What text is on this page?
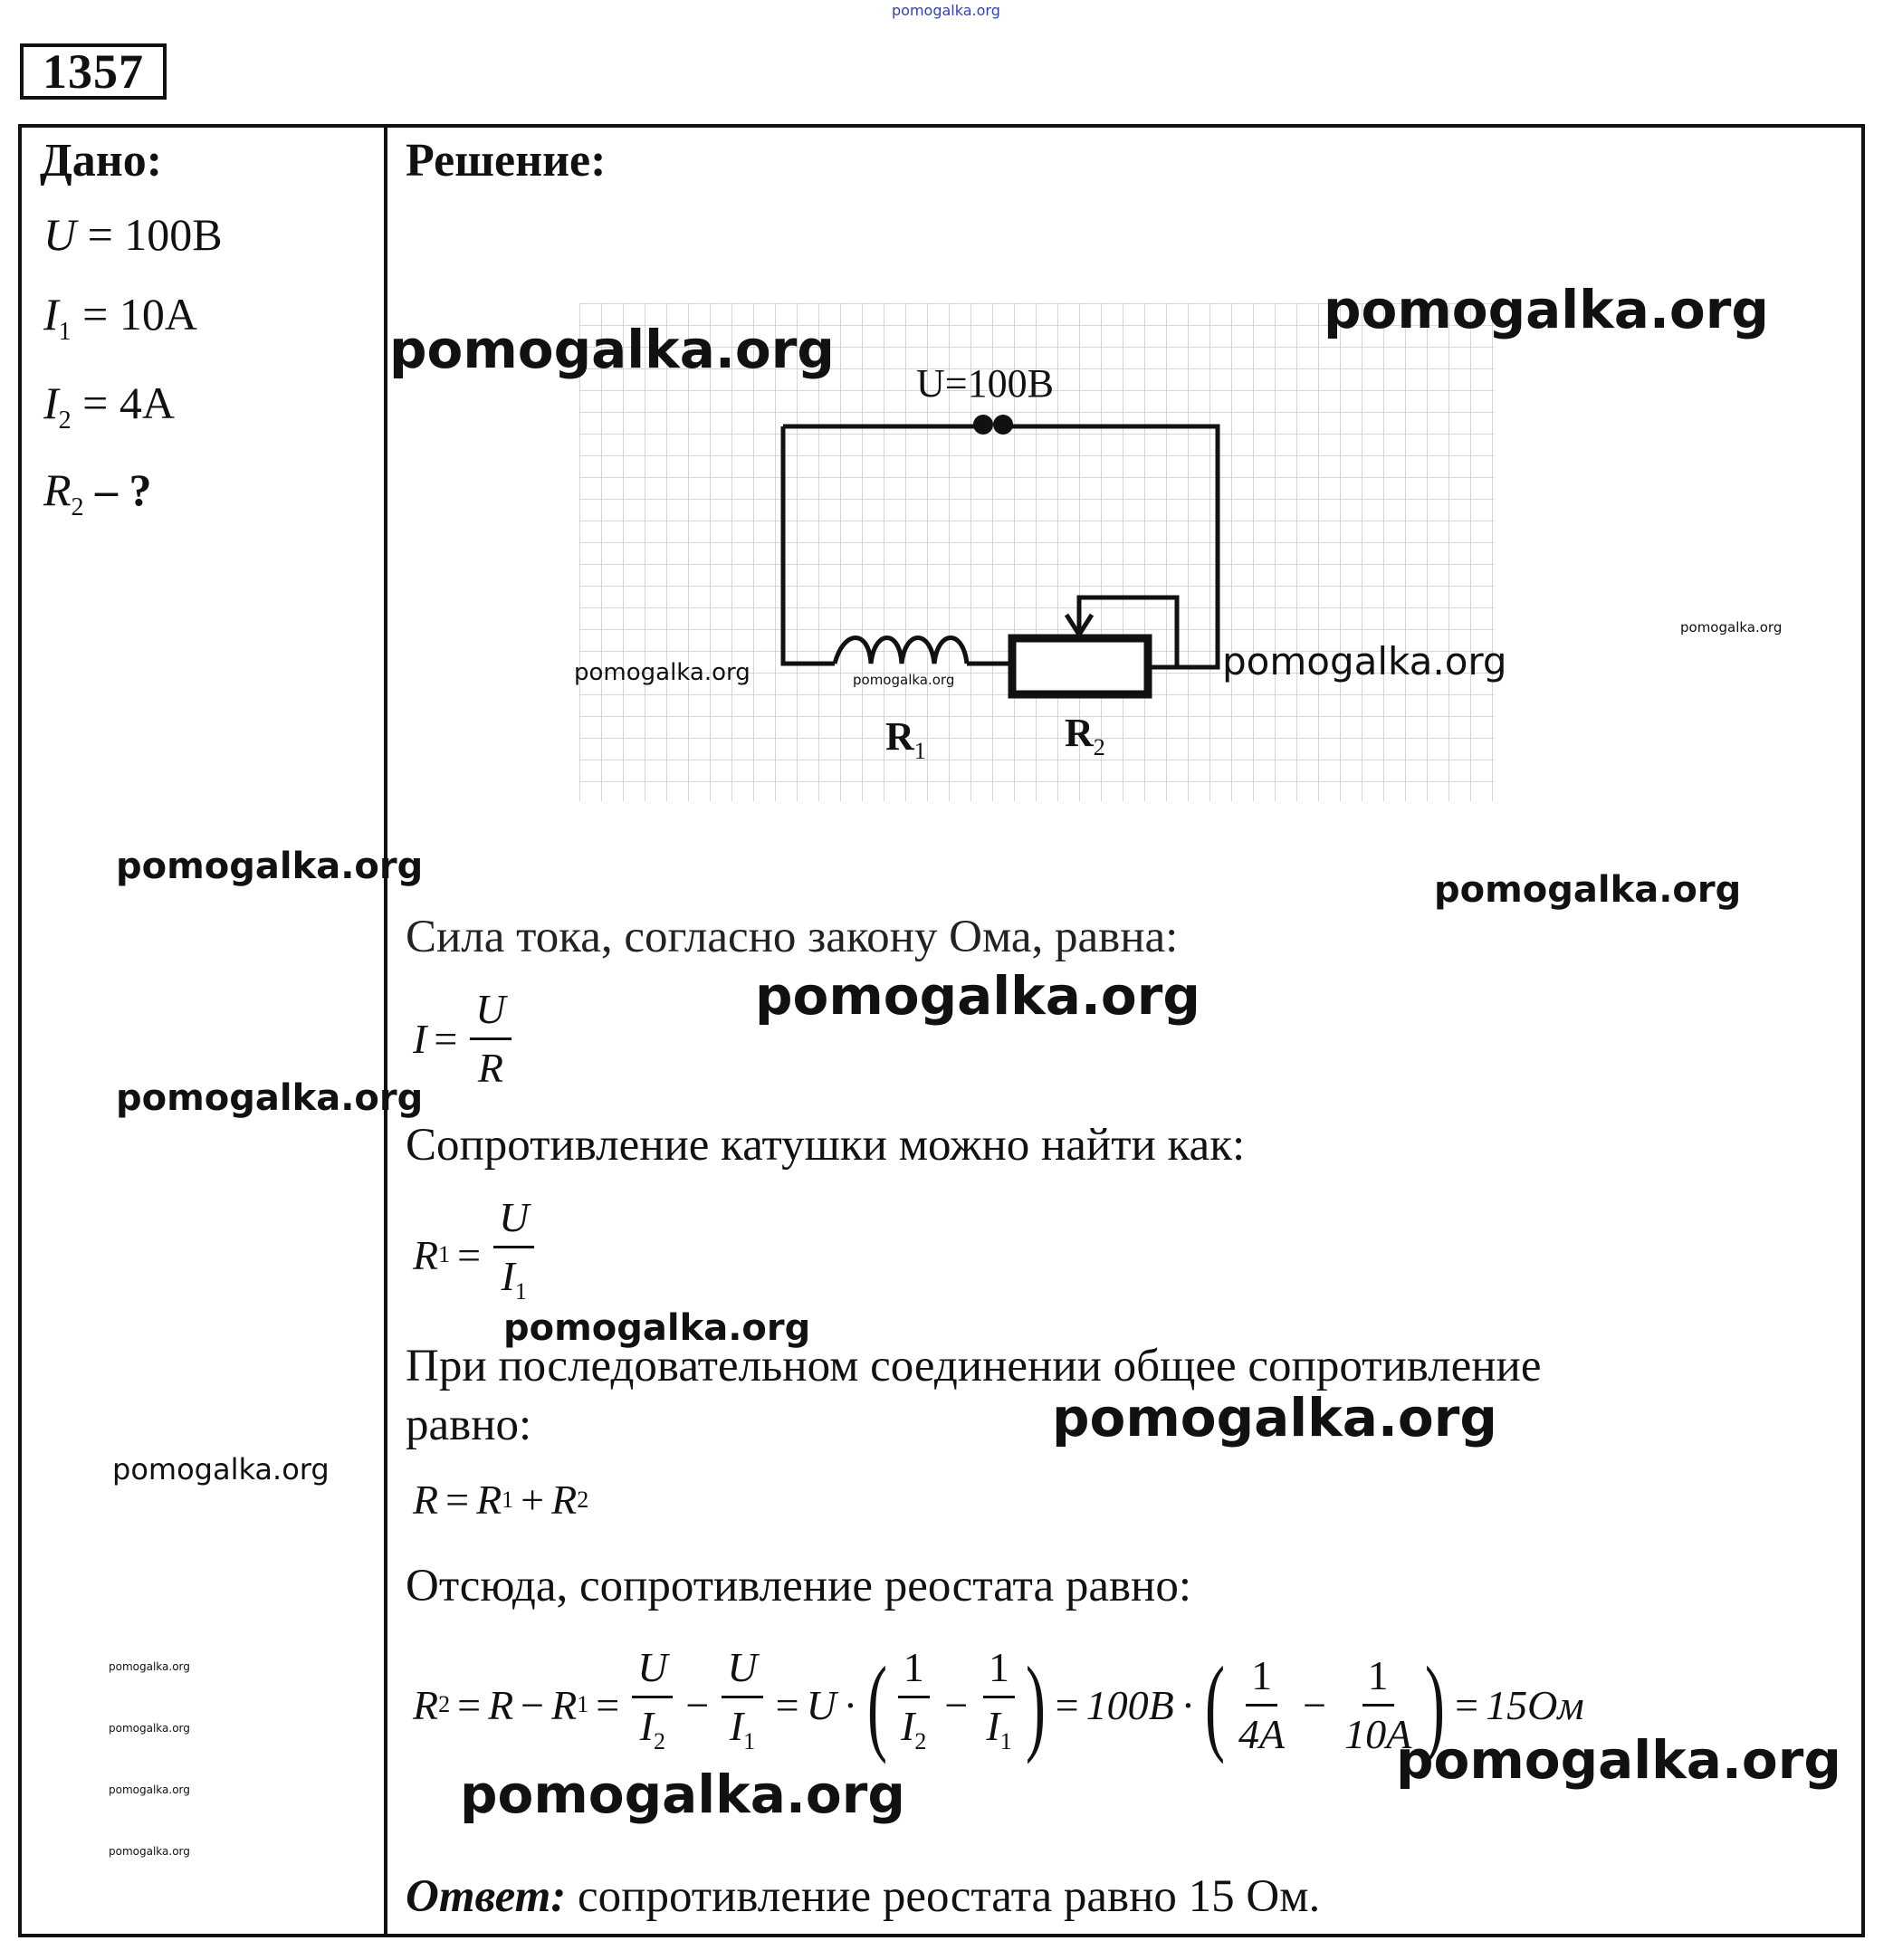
pomogalka.org
1357
Дано:
U = 100B
$I_1 = 10A$
$I_2 = 4A$
$R_2$ – ?
Решение:
U=100B
$R_1$	$R_2$
Сила тока, согласно закону Ома, равна:
$I = \frac{U}{R}$
Сопротивление катушки можно найти как:
R $1 = \frac{U}{I_1}$
При последовательном соединении общее сопротивление
равно:
R = R 1 + R 2
Отсюда, сопротивление реостата равно:
R 2 = R − R $1 = \frac{U}{I_2} - \frac{U}{I_1} = U$ · ( $\frac{1}{I_2} - \frac{1}{I_1}$ ) = 100B · ( $\frac{1}{4A} - \frac{1}{10A}$ ) = 15Ом
Ответ: сопротивление реостата равно 15 Ом.
pomogalka.org
pomogalka.org
pomogalka.org
pomogalka.org	pomogalka.org	pomogalka.org
pomogalka.org
pomogalka.org
pomogalka.org
pomogalka.org
pomogalka.org
pomogalka.org
pomogalka.org
pomogalka.org
pomogalka.org
pomogalka.org
pomogalka.org
pomogalka.org
pomogalka.org
